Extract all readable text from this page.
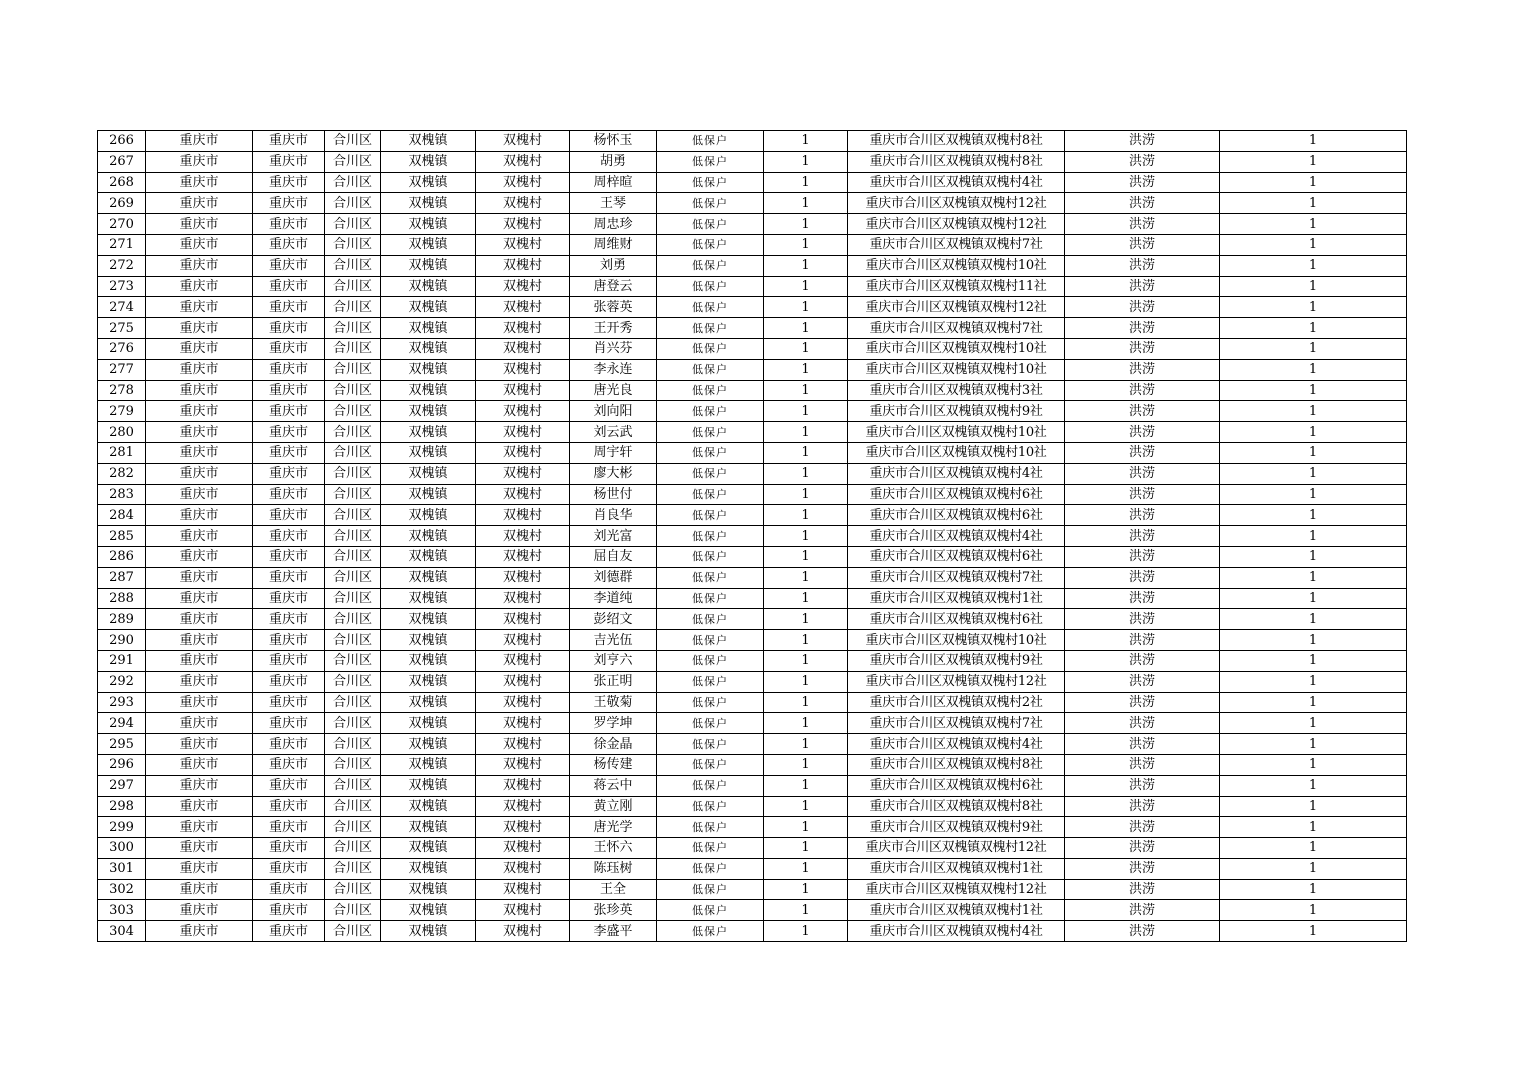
266	重庆市	重庆市	合川区	双槐镇	双槐村	杨怀玉	低保户	1	重庆市合川区双槐镇双槐村8社	洪涝	1
267	重庆市	重庆市	合川区	双槐镇	双槐村	胡勇	低保户	1	重庆市合川区双槐镇双槐村8社	洪涝	1
268	重庆市	重庆市	合川区	双槐镇	双槐村	周梓暄	低保户	1	重庆市合川区双槐镇双槐村4社	洪涝	1
269	重庆市	重庆市	合川区	双槐镇	双槐村	王琴	低保户	1	重庆市合川区双槐镇双槐村12社	洪涝	1
270	重庆市	重庆市	合川区	双槐镇	双槐村	周忠珍	低保户	1	重庆市合川区双槐镇双槐村12社	洪涝	1
271	重庆市	重庆市	合川区	双槐镇	双槐村	周维财	低保户	1	重庆市合川区双槐镇双槐村7社	洪涝	1
272	重庆市	重庆市	合川区	双槐镇	双槐村	刘勇	低保户	1	重庆市合川区双槐镇双槐村10社	洪涝	1
273	重庆市	重庆市	合川区	双槐镇	双槐村	唐登云	低保户	1	重庆市合川区双槐镇双槐村11社	洪涝	1
274	重庆市	重庆市	合川区	双槐镇	双槐村	张蓉英	低保户	1	重庆市合川区双槐镇双槐村12社	洪涝	1
275	重庆市	重庆市	合川区	双槐镇	双槐村	王开秀	低保户	1	重庆市合川区双槐镇双槐村7社	洪涝	1
276	重庆市	重庆市	合川区	双槐镇	双槐村	肖兴芬	低保户	1	重庆市合川区双槐镇双槐村10社	洪涝	1
277	重庆市	重庆市	合川区	双槐镇	双槐村	李永连	低保户	1	重庆市合川区双槐镇双槐村10社	洪涝	1
278	重庆市	重庆市	合川区	双槐镇	双槐村	唐光良	低保户	1	重庆市合川区双槐镇双槐村3社	洪涝	1
279	重庆市	重庆市	合川区	双槐镇	双槐村	刘向阳	低保户	1	重庆市合川区双槐镇双槐村9社	洪涝	1
280	重庆市	重庆市	合川区	双槐镇	双槐村	刘云武	低保户	1	重庆市合川区双槐镇双槐村10社	洪涝	1
281	重庆市	重庆市	合川区	双槐镇	双槐村	周宇轩	低保户	1	重庆市合川区双槐镇双槐村10社	洪涝	1
282	重庆市	重庆市	合川区	双槐镇	双槐村	廖大彬	低保户	1	重庆市合川区双槐镇双槐村4社	洪涝	1
283	重庆市	重庆市	合川区	双槐镇	双槐村	杨世付	低保户	1	重庆市合川区双槐镇双槐村6社	洪涝	1
284	重庆市	重庆市	合川区	双槐镇	双槐村	肖良华	低保户	1	重庆市合川区双槐镇双槐村6社	洪涝	1
285	重庆市	重庆市	合川区	双槐镇	双槐村	刘光富	低保户	1	重庆市合川区双槐镇双槐村4社	洪涝	1
286	重庆市	重庆市	合川区	双槐镇	双槐村	屈自友	低保户	1	重庆市合川区双槐镇双槐村6社	洪涝	1
287	重庆市	重庆市	合川区	双槐镇	双槐村	刘德群	低保户	1	重庆市合川区双槐镇双槐村7社	洪涝	1
288	重庆市	重庆市	合川区	双槐镇	双槐村	李道纯	低保户	1	重庆市合川区双槐镇双槐村1社	洪涝	1
289	重庆市	重庆市	合川区	双槐镇	双槐村	彭绍文	低保户	1	重庆市合川区双槐镇双槐村6社	洪涝	1
290	重庆市	重庆市	合川区	双槐镇	双槐村	吉光伍	低保户	1	重庆市合川区双槐镇双槐村10社	洪涝	1
291	重庆市	重庆市	合川区	双槐镇	双槐村	刘亨六	低保户	1	重庆市合川区双槐镇双槐村9社	洪涝	1
292	重庆市	重庆市	合川区	双槐镇	双槐村	张正明	低保户	1	重庆市合川区双槐镇双槐村12社	洪涝	1
293	重庆市	重庆市	合川区	双槐镇	双槐村	王敬菊	低保户	1	重庆市合川区双槐镇双槐村2社	洪涝	1
294	重庆市	重庆市	合川区	双槐镇	双槐村	罗学坤	低保户	1	重庆市合川区双槐镇双槐村7社	洪涝	1
295	重庆市	重庆市	合川区	双槐镇	双槐村	徐金晶	低保户	1	重庆市合川区双槐镇双槐村4社	洪涝	1
296	重庆市	重庆市	合川区	双槐镇	双槐村	杨传建	低保户	1	重庆市合川区双槐镇双槐村8社	洪涝	1
297	重庆市	重庆市	合川区	双槐镇	双槐村	蒋云中	低保户	1	重庆市合川区双槐镇双槐村6社	洪涝	1
298	重庆市	重庆市	合川区	双槐镇	双槐村	黄立刚	低保户	1	重庆市合川区双槐镇双槐村8社	洪涝	1
299	重庆市	重庆市	合川区	双槐镇	双槐村	唐光学	低保户	1	重庆市合川区双槐镇双槐村9社	洪涝	1
300	重庆市	重庆市	合川区	双槐镇	双槐村	王怀六	低保户	1	重庆市合川区双槐镇双槐村12社	洪涝	1
301	重庆市	重庆市	合川区	双槐镇	双槐村	陈珏树	低保户	1	重庆市合川区双槐镇双槐村1社	洪涝	1
302	重庆市	重庆市	合川区	双槐镇	双槐村	王全	低保户	1	重庆市合川区双槐镇双槐村12社	洪涝	1
303	重庆市	重庆市	合川区	双槐镇	双槐村	张珍英	低保户	1	重庆市合川区双槐镇双槐村1社	洪涝	1
304	重庆市	重庆市	合川区	双槐镇	双槐村	李盛平	低保户	1	重庆市合川区双槐镇双槐村4社	洪涝	1
